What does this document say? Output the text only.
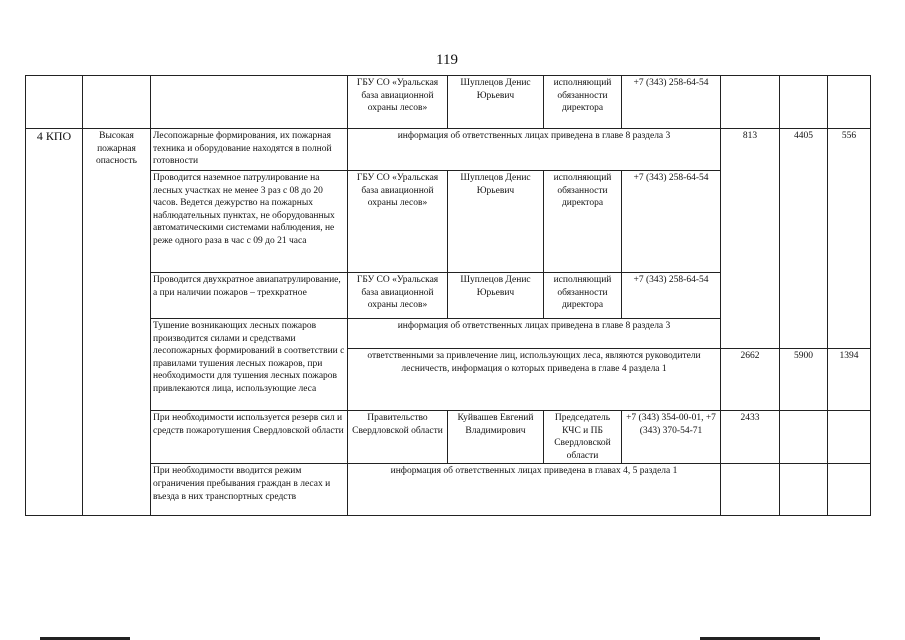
119
			ГБУ СО «Уральская база авиационной охраны лесов»	Шуплецов Денис Юрьевич	исполняющий обязанности директора	+7 (343) 258-64-54			
4 КПО	Высокая пожарная опасность	Лесопожарные формирования, их пожарная техника и оборудование находятся в полной готовности	информация об ответственных лицах приведена в главе 8 раздела 3				813	4405	556
		Проводится наземное патрулирование на лесных участках не менее 3 раз с 08 до 20 часов. Ведется дежурство на пожарных наблюдательных пунктах, не оборудованных автоматическими системами наблюдения, не реже одного раза в час с 09 до 21 часа	ГБУ СО «Уральская база авиационной охраны лесов»	Шуплецов Денис Юрьевич	исполняющий обязанности директора	+7 (343) 258-64-54			
		Проводится двухкратное авиапатрулирование, а при наличии пожаров – трехкратное	ГБУ СО «Уральская база авиационной охраны лесов»	Шуплецов Денис Юрьевич	исполняющий обязанности директора	+7 (343) 258-64-54			
		Тушение возникающих лесных пожаров производится силами и средствами лесопожарных формирований в соответствии с правилами тушения лесных пожаров, при необходимости для тушения лесных пожаров привлекаются лица, использующие леса	информация об ответственных лицах приведена в главе 8 раздела 3						
			ответственными за привлечение лиц, использующих леса, являются руководители лесничеств, информация о которых приведена в главе 4 раздела 1				2662	5900	1394
		При необходимости используется резерв сил и средств пожаротушения Свердловской области	Правительство Свердловской области	Куйвашев Евгений Владимирович	Председатель КЧС и ПБ Свердловской области	+7 (343) 354-00-01, +7 (343) 370-54-71	2433		
		При необходимости вводится режим ограничения пребывания граждан в лесах и въезда в них транспортных средств	информация об ответственных лицах приведена в главах 4, 5 раздела 1						
